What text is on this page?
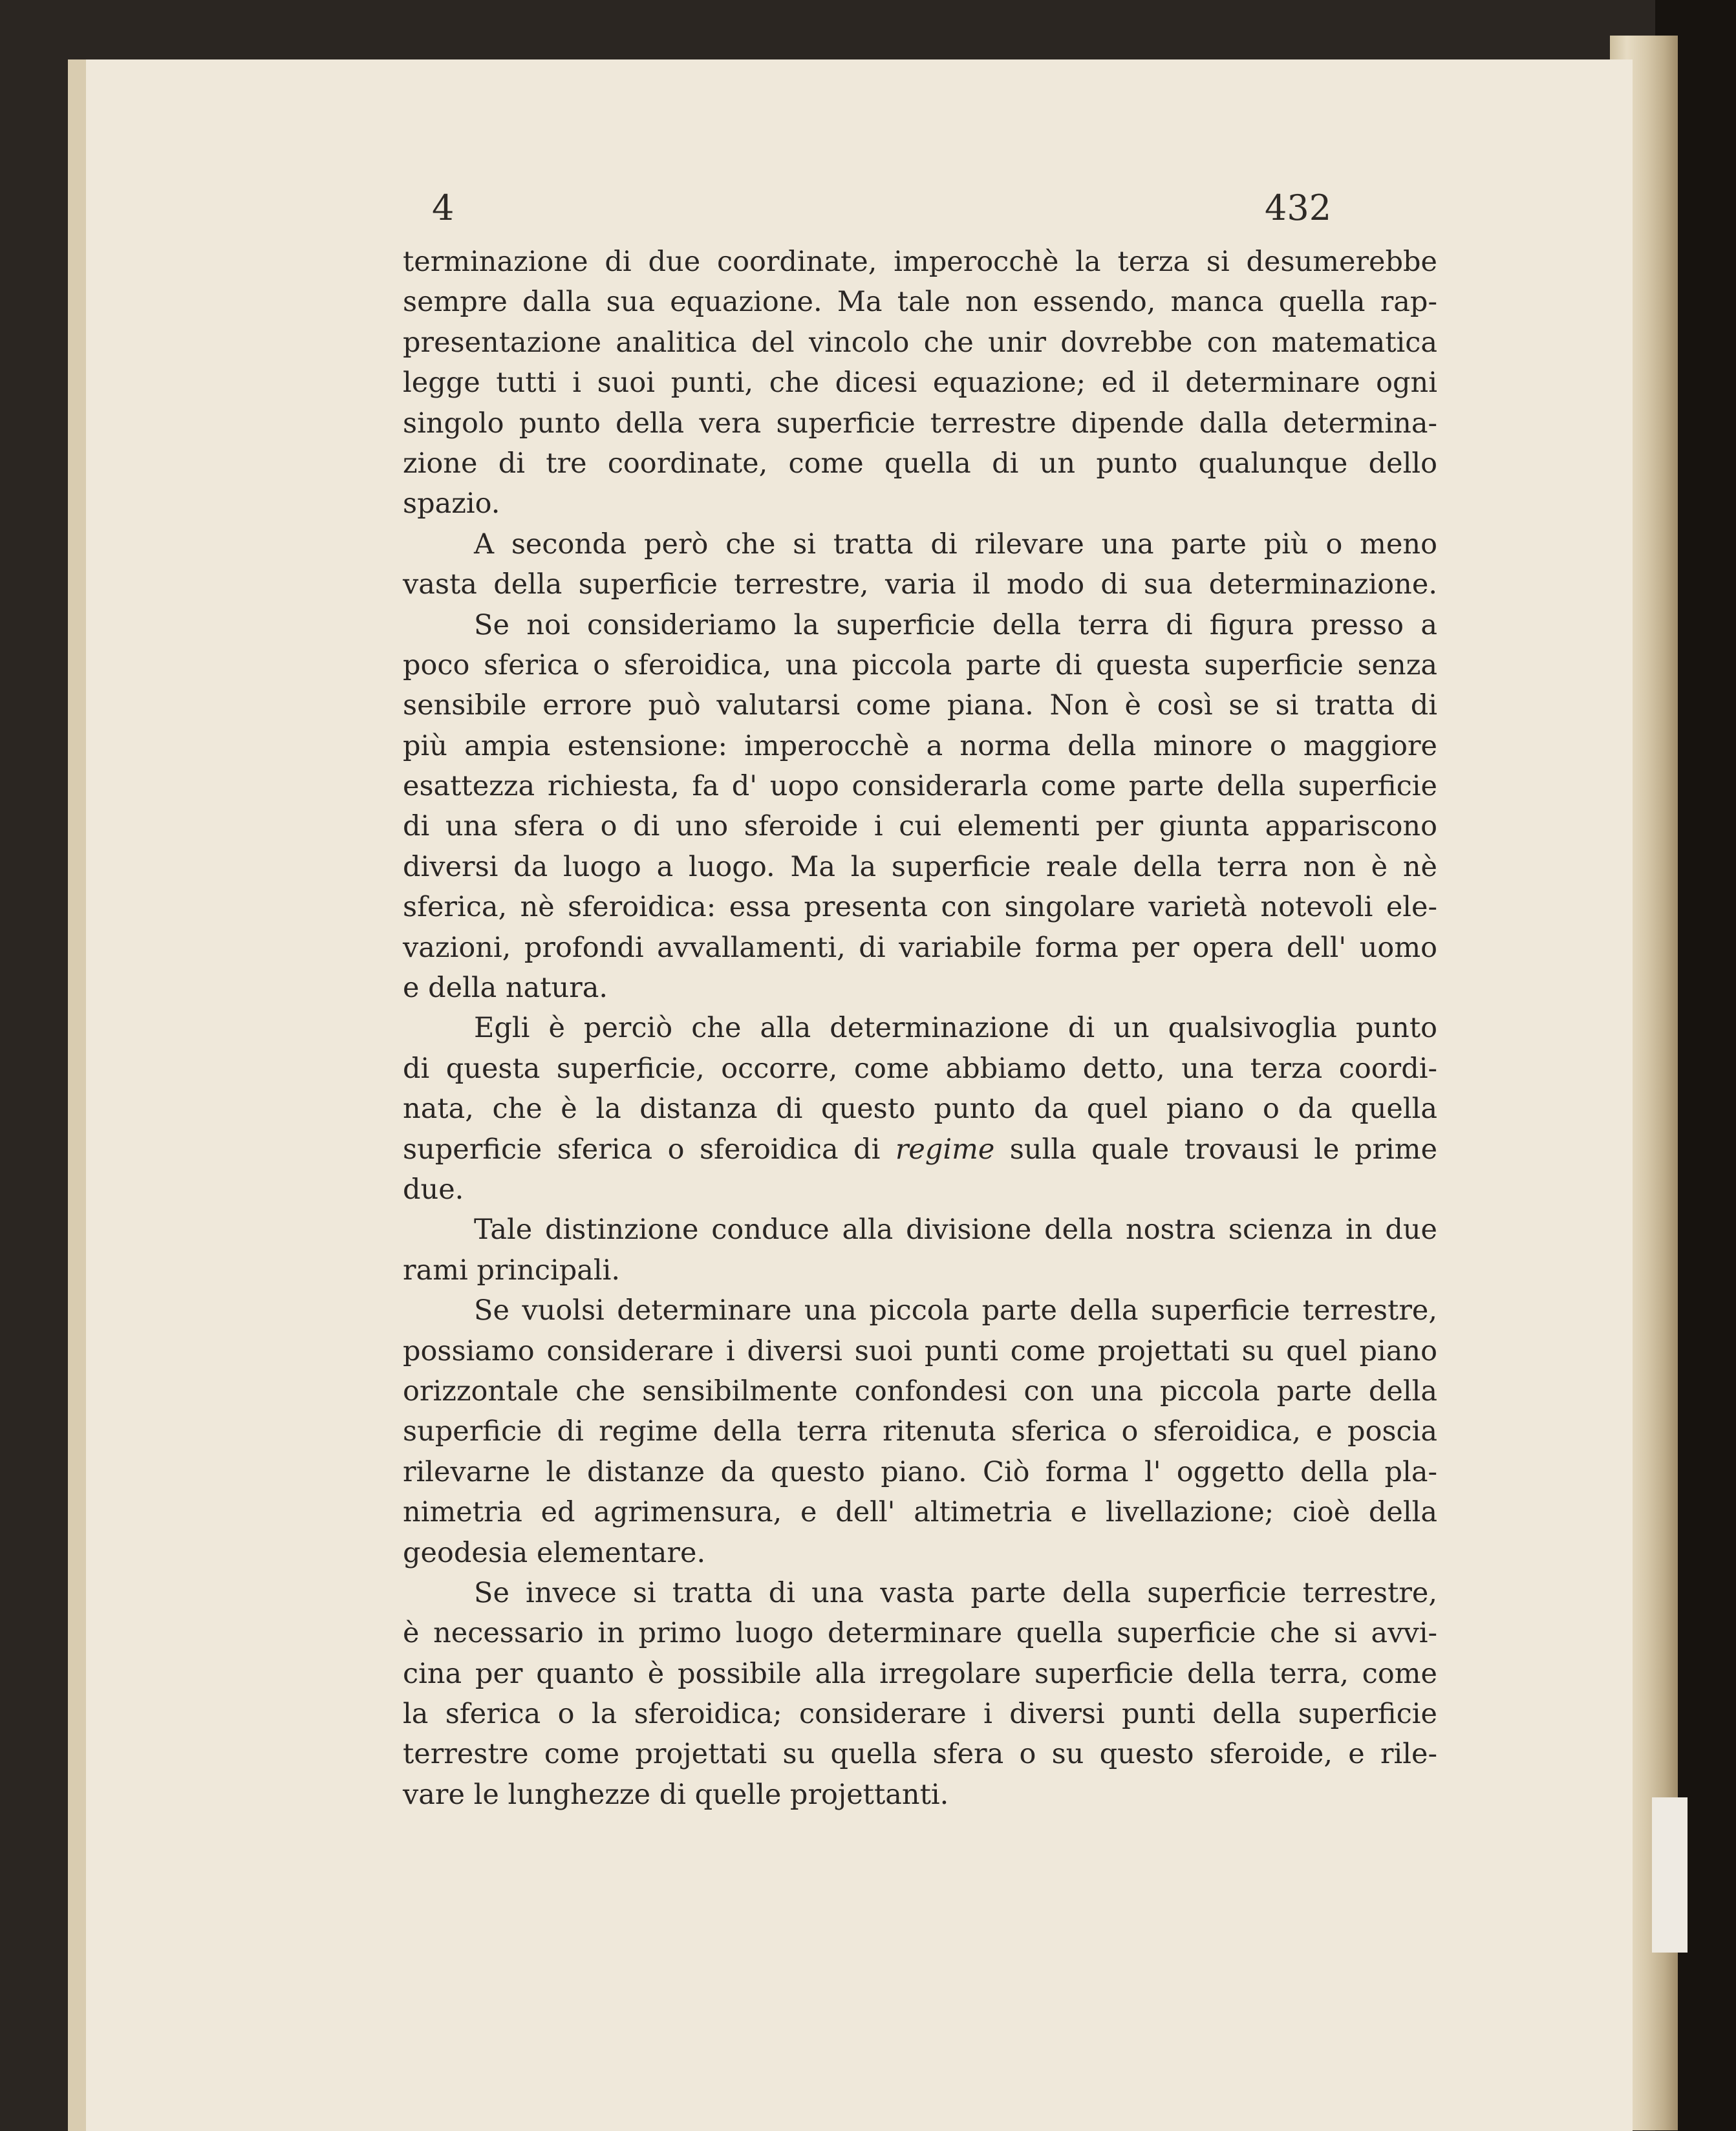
4	432
terminazione di due coordinate, imperocchè la terza si desumerebbe
sempre dalla sua equazione. Ma tale non essendo, manca quella rap-
presentazione analitica del vincolo che unir dovrebbe con matematica
legge tutti i suoi punti, che dicesi equazione; ed il determinare ogni
singolo punto della vera superficie terrestre dipende dalla determina-
zione di tre coordinate, come quella di un punto qualunque dello
spazio.
A seconda però che si tratta di rilevare una parte più o meno
vasta della superficie terrestre, varia il modo di sua determinazione.
Se noi consideriamo la superficie della terra di figura presso a
poco sferica o sferoidica, una piccola parte di questa superficie senza
sensibile errore può valutarsi come piana. Non è così se si tratta di
più ampia estensione: imperocchè a norma della minore o maggiore
esattezza richiesta, fa d' uopo considerarla come parte della superficie
di una sfera o di uno sferoide i cui elementi per giunta appariscono
diversi da luogo a luogo. Ma la superficie reale della terra non è nè
sferica, nè sferoidica: essa presenta con singolare varietà notevoli ele-
vazioni, profondi avvallamenti, di variabile forma per opera dell' uomo
e della natura.
Egli è perciò che alla determinazione di un qualsivoglia punto
di questa superficie, occorre, come abbiamo detto, una terza coordi-
nata, che è la distanza di questo punto da quel piano o da quella
superficie sferica o sferoidica di regime sulla quale trovausi le prime
due.
Tale distinzione conduce alla divisione della nostra scienza in due
rami principali.
Se vuolsi determinare una piccola parte della superficie terrestre,
possiamo considerare i diversi suoi punti come projettati su quel piano
orizzontale che sensibilmente confondesi con una piccola parte della
superficie di regime della terra ritenuta sferica o sferoidica, e poscia
rilevarne le distanze da questo piano. Ciò forma l' oggetto della pla-
nimetria ed agrimensura, e dell' altimetria e livellazione; cioè della
geodesia elementare.
Se invece si tratta di una vasta parte della superficie terrestre,
è necessario in primo luogo determinare quella superficie che si avvi-
cina per quanto è possibile alla irregolare superficie della terra, come
la sferica o la sferoidica; considerare i diversi punti della superficie
terrestre come projettati su quella sfera o su questo sferoide, e rile-
vare le lunghezze di quelle projettanti.
